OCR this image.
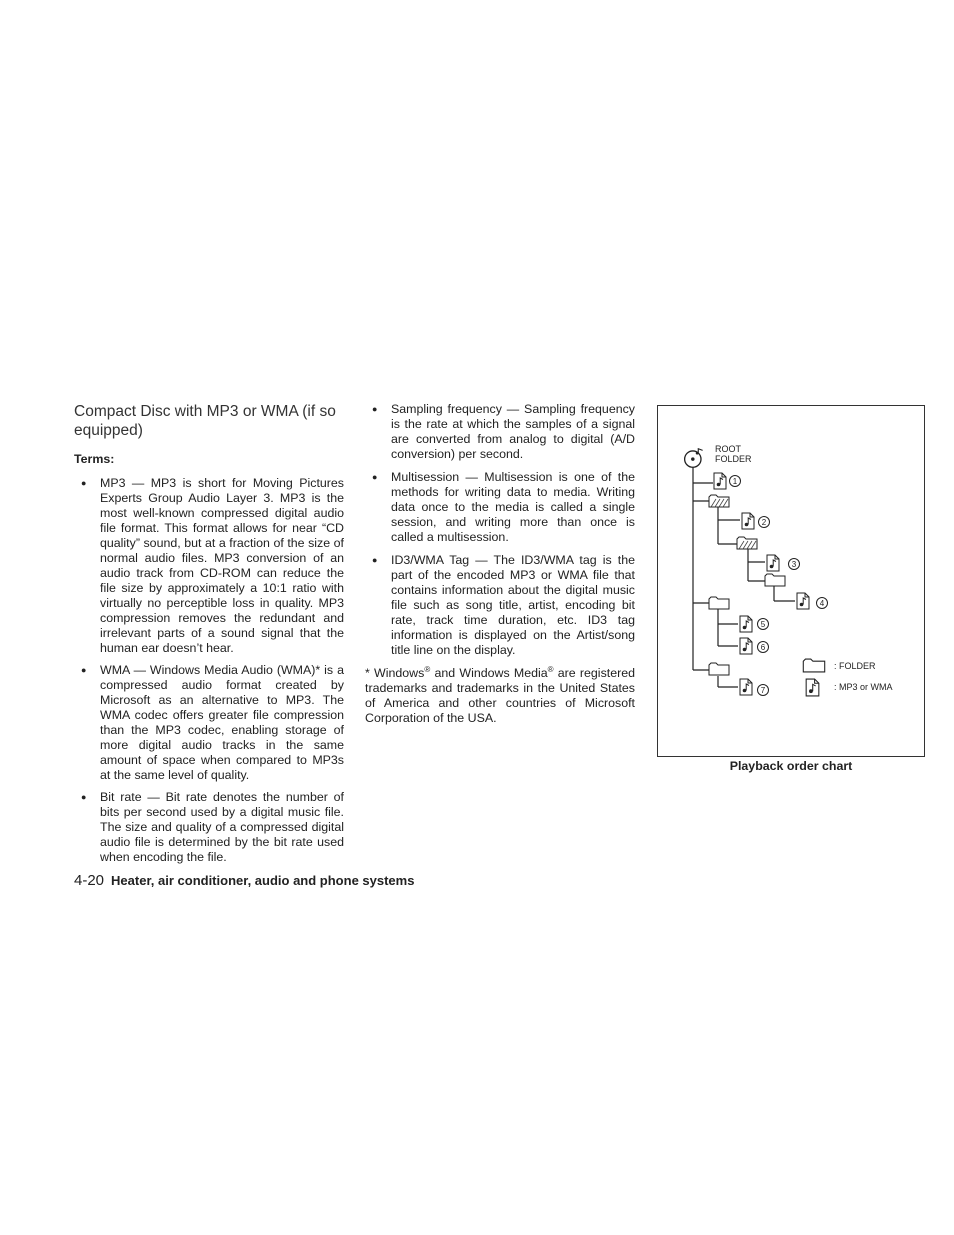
Compact Disc with MP3 or WMA (if so equipped)
Terms:
● MP3 — MP3 is short for Moving Pictures Experts Group Audio Layer 3. MP3 is the most well-known compressed digital audio file format. This format allows for near “CD quality” sound, but at a fraction of the size of normal audio files. MP3 conversion of an audio track from CD-ROM can reduce the file size by approximately a 10:1 ratio with virtually no perceptible loss in quality. MP3 compression removes the redundant and irrelevant parts of a sound signal that the human ear doesn’t hear.
● WMA — Windows Media Audio (WMA)* is a compressed audio format created by Microsoft as an alternative to MP3. The WMA codec offers greater file compression than the MP3 codec, enabling storage of more digital audio tracks in the same amount of space when compared to MP3s at the same level of quality.
● Bit rate — Bit rate denotes the number of bits per second used by a digital music file. The size and quality of a compressed digital audio file is determined by the bit rate used when encoding the file.
● Sampling frequency — Sampling frequency is the rate at which the samples of a signal are converted from analog to digital (A/D conversion) per second.
● Multisession — Multisession is one of the methods for writing data to media. Writing data once to the media is called a single session, and writing more than once is called a multisession.
● ID3/WMA Tag — The ID3/WMA tag is the part of the encoded MP3 or WMA file that contains information about the digital music file such as song title, artist, encoding bit rate, track time duration, etc. ID3 tag information is displayed on the Artist/song title line on the display.
* Windows® and Windows Media® are registered trademarks and trademarks in the United States of America and other countries of Microsoft Corporation of the USA.
ROOT
FOLDER
1
2
3
4
5
6
7
: FOLDER
: MP3 or WMA
Playback order chart
4-20 Heater, air conditioner, audio and phone systems
